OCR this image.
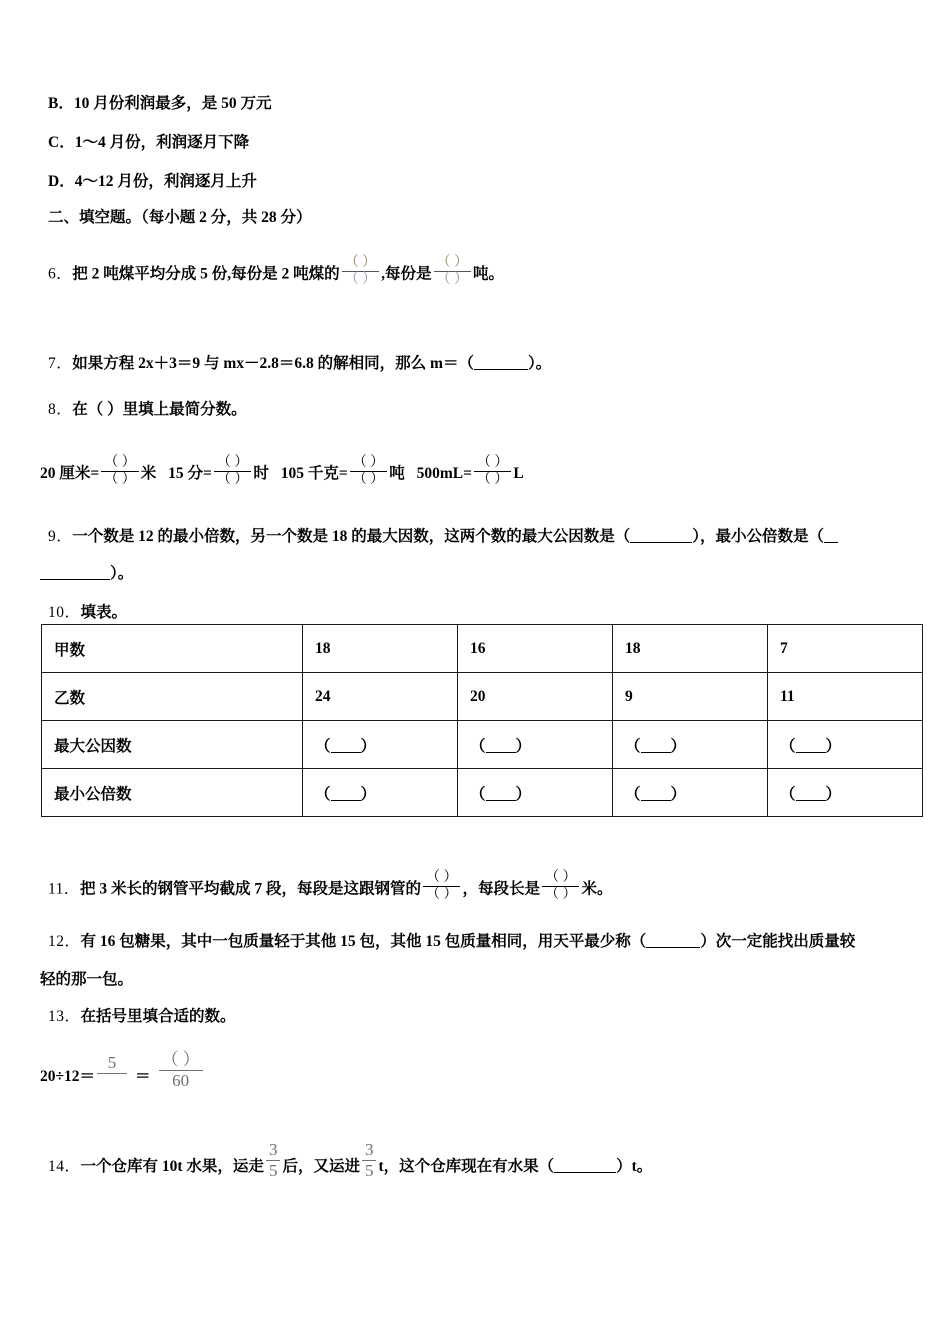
B．10 月份利润最多，是 50 万元
C．1～4 月份，利润逐月下降
D．4～12 月份，利润逐月上升
二、填空题。（每小题 2 分，共 28 分）
6．把 2 吨煤平均分成 5 份,每份是 2 吨煤的 $\frac{( )}{( )}$ ,每份是 $\frac{( )}{( )}$ 吨。
7．如果方程 2x＋3＝9 与 mx－2.8＝6.8 的解相同，那么 m＝（	）。
8．在（ ）里填上最简分数。
20 厘米= $\frac{( )}{( )}$ 米 15 分= $\frac{( )}{( )}$ 时 105 千克= $\frac{( )}{( )}$ 吨 $500mL= \frac{( )}{( )}$ L
9．一个数是 12 的最小倍数，另一个数是 18 的最大因数，这两个数的最大公因数是（	），最小公倍数是（
）。
10．填表。
甲数	18	16	18	7
乙数	24	20	9	11
最大公因数	（ ）	（ ）	（ ）	（ ）
最小公倍数	（ ）	（ ）	（ ）	（ ）
11．把 3 米长的钢管平均截成 7 段，每段是这跟钢管的 $\frac{( )}{( )}$ ，每段长是 $\frac{( )}{( )}$ 米。
12．有 16 包糖果，其中一包质量轻于其他 15 包，其他 15 包质量相同，用天平最少称（	）次一定能找出质量较
轻的那一包。
13．在括号里填合适的数。
20÷12＝
5
＝ $\frac{( )}{60}$
14．一个仓库有 10t 水果，运走 $\frac{3}{5}$ 后，又运进 $\frac{3}{5}$ t，这个仓库现在有水果（	）t。
